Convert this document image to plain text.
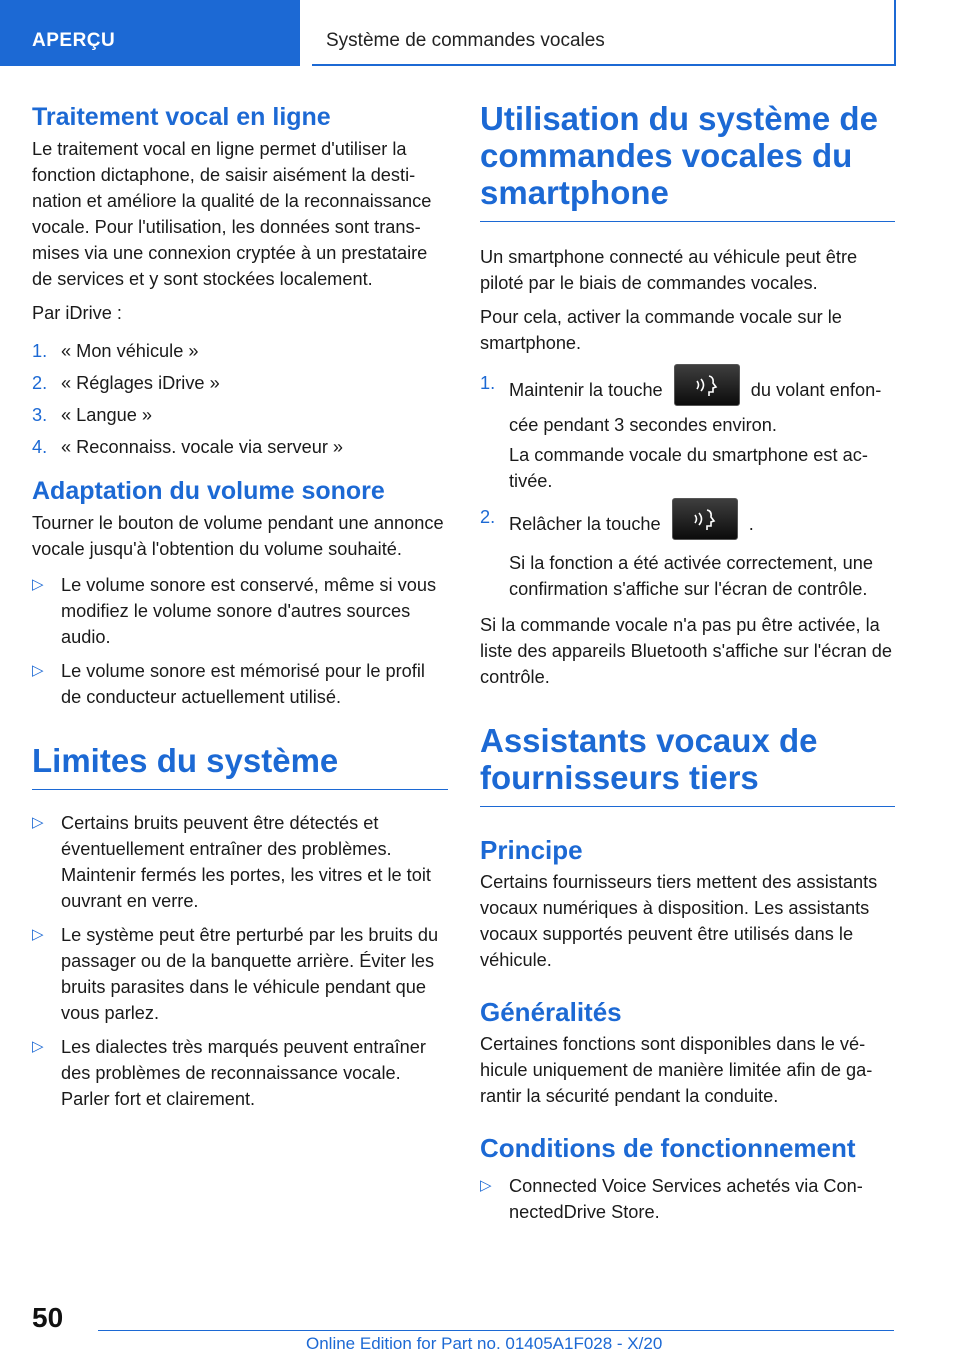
APERÇU	Système de commandes vocales
Traitement vocal en ligne

Le traitement vocal en ligne permet d'utiliser la fonction dictaphone, de saisir aisément la destination et améliore la qualité de la reconnaissance vocale. Pour l'utilisation, les données sont transmises via une connexion cryptée à un prestataire de services et y sont stockées localement.

Par iDrive :

1. « Mon véhicule »
2. « Réglages iDrive »
3. « Langue »
4. « Reconnaiss. vocale via serveur »
Adaptation du volume sonore

Tourner le bouton de volume pendant une annonce vocale jusqu'à l'obtention du volume souhaité.

▷ Le volume sonore est conservé, même si vous modifiez le volume sonore d'autres sources audio.
▷ Le volume sonore est mémorisé pour le profil de conducteur actuellement utilisé.
Limites du système
▷ Certains bruits peuvent être détectés et éventuellement entraîner des problèmes. Maintenir fermés les portes, les vitres et le toit ouvrant en verre.
▷ Le système peut être perturbé par les bruits du passager ou de la banquette arrière. Éviter les bruits parasites dans le véhicule pendant que vous parlez.
▷ Les dialectes très marqués peuvent entraîner des problèmes de reconnaissance vocale. Parler fort et clairement.
Utilisation du système de commandes vocales du smartphone

Un smartphone connecté au véhicule peut être piloté par le biais de commandes vocales.

Pour cela, activer la commande vocale sur le smartphone.

1. Maintenir la touche	du volant enfoncée pendant 3 secondes environ.
La commande vocale du smartphone est activée.
2. Relâcher la touche	.
Si la fonction a été activée correctement, une confirmation s'affiche sur l'écran de contrôle.

Si la commande vocale n'a pas pu être activée, la liste des appareils Bluetooth s'affiche sur l'écran de contrôle.

Assistants vocaux de fournisseurs tiers
Principe

Certains fournisseurs tiers mettent des assistants vocaux numériques à disposition. Les assistants vocaux supportés peuvent être utilisés dans le véhicule.

Généralités

Certaines fonctions sont disponibles dans le véhicule uniquement de manière limitée afin de garantir la sécurité pendant la conduite.

Conditions de fonctionnement
▷ Connected Voice Services achetés via ConnectedDrive Store.
50
Online Edition for Part no. 01405A1F028 - X/20
